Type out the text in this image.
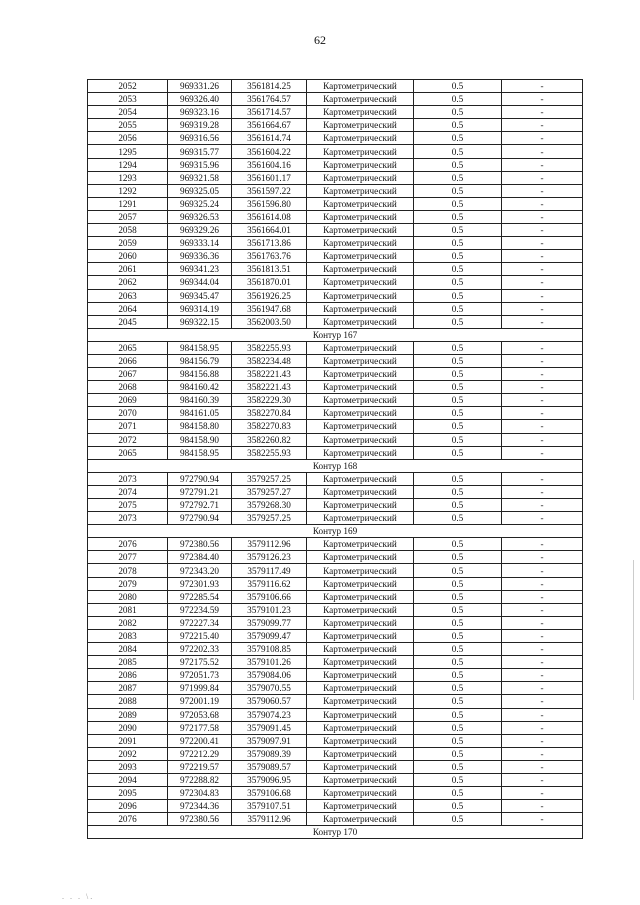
62
2052	969331.26	3561814.25	Картометрический	0.5	-
2053	969326.40	3561764.57	Картометрический	0.5	-
2054	969323.16	3561714.57	Картометрический	0.5	-
2055	969319.28	3561664.67	Картометрический	0.5	-
2056	969316.56	3561614.74	Картометрический	0.5	-
1295	969315.77	3561604.22	Картометрический	0.5	-
1294	969315.96	3561604.16	Картометрический	0.5	-
1293	969321.58	3561601.17	Картометрический	0.5	-
1292	969325.05	3561597.22	Картометрический	0.5	-
1291	969325.24	3561596.80	Картометрический	0.5	-
2057	969326.53	3561614.08	Картометрический	0.5	-
2058	969329.26	3561664.01	Картометрический	0.5	-
2059	969333.14	3561713.86	Картометрический	0.5	-
2060	969336.36	3561763.76	Картометрический	0.5	-
2061	969341.23	3561813.51	Картометрический	0.5	-
2062	969344.04	3561870.01	Картометрический	0.5	-
2063	969345.47	3561926.25	Картометрический	0.5	-
2064	969314.19	3561947.68	Картометрический	0.5	-
2045	969322.15	3562003.50	Картометрический	0.5	-
Контур 167					
2065	984158.95	3582255.93	Картометрический	0.5	-
2066	984156.79	3582234.48	Картометрический	0.5	-
2067	984156.88	3582221.43	Картометрический	0.5	-
2068	984160.42	3582221.43	Картометрический	0.5	-
2069	984160.39	3582229.30	Картометрический	0.5	-
2070	984161.05	3582270.84	Картометрический	0.5	-
2071	984158.80	3582270.83	Картометрический	0.5	-
2072	984158.90	3582260.82	Картометрический	0.5	-
2065	984158.95	3582255.93	Картометрический	0.5	-
Контур 168					
2073	972790.94	3579257.25	Картометрический	0.5	-
2074	972791.21	3579257.27	Картометрический	0.5	-
2075	972792.71	3579268.30	Картометрический	0.5	-
2073	972790.94	3579257.25	Картометрический	0.5	-
Контур 169					
2076	972380.56	3579112.96	Картометрический	0.5	-
2077	972384.40	3579126.23	Картометрический	0.5	-
2078	972343.20	3579117.49	Картометрический	0.5	-
2079	972301.93	3579116.62	Картометрический	0.5	-
2080	972285.54	3579106.66	Картометрический	0.5	-
2081	972234.59	3579101.23	Картометрический	0.5	-
2082	972227.34	3579099.77	Картометрический	0.5	-
2083	972215.40	3579099.47	Картометрический	0.5	-
2084	972202.33	3579108.85	Картометрический	0.5	-
2085	972175.52	3579101.26	Картометрический	0.5	-
2086	972051.73	3579084.06	Картометрический	0.5	-
2087	971999.84	3579070.55	Картометрический	0.5	-
2088	972001.19	3579060.57	Картометрический	0.5	-
2089	972053.68	3579074.23	Картометрический	0.5	-
2090	972177.58	3579091.45	Картометрический	0.5	-
2091	972200.41	3579097.91	Картометрический	0.5	-
2092	972212.29	3579089.39	Картометрический	0.5	-
2093	972219.57	3579089.57	Картометрический	0.5	-
2094	972288.82	3579096.95	Картометрический	0.5	-
2095	972304.83	3579106.68	Картометрический	0.5	-
2096	972344.36	3579107.51	Картометрический	0.5	-
2076	972380.56	3579112.96	Картометрический	0.5	-
Контур 170					
. . . \.
